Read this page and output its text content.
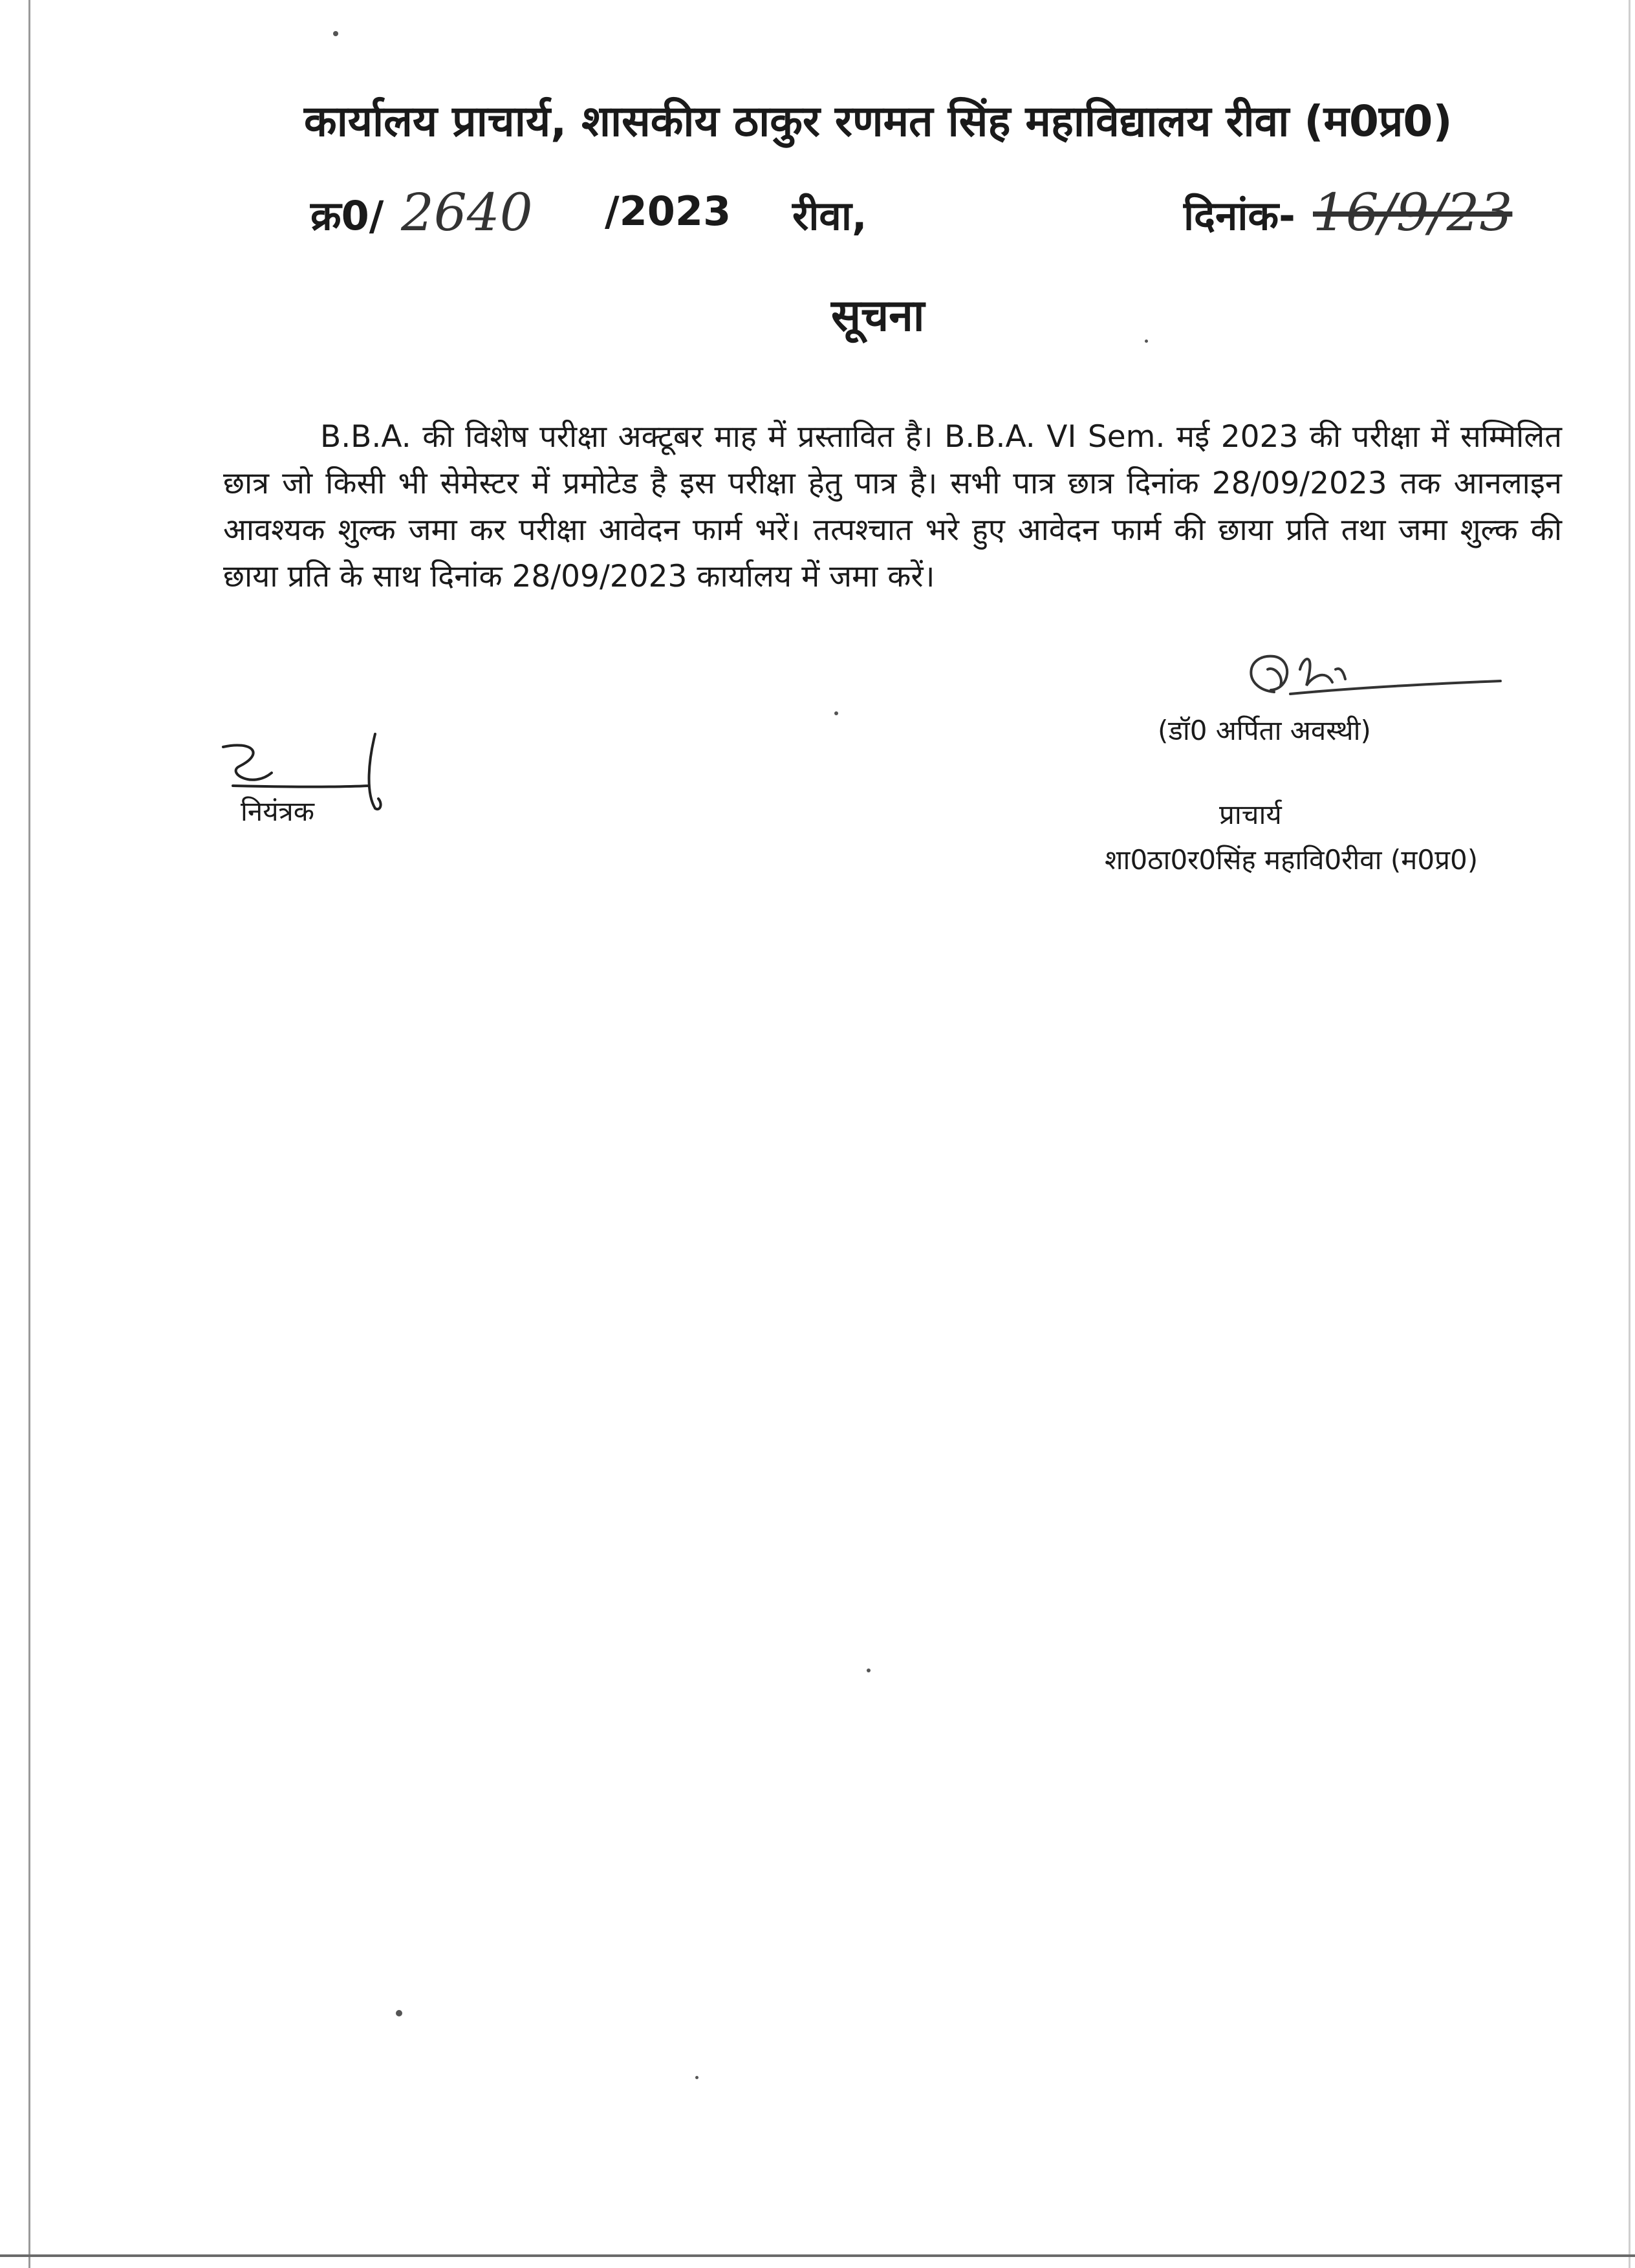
कार्यालय प्राचार्य, शासकीय ठाकुर रणमत सिंह महाविद्यालय रीवा (म0प्र0)
क्र0/ 2640 /2023 रीवा,	दिनांक- 16/9/23
सूचना
B.B.A. की विशेष परीक्षा अक्टूबर माह में प्रस्तावित है। B.B.A. VI Sem. मई 2023 की परीक्षा में सम्मिलित छात्र जो किसी भी सेमेस्टर में प्रमोटेड है इस परीक्षा हेतु पात्र है। सभी पात्र छात्र दिनांक 28/09/2023 तक आनलाइन आवश्यक शुल्क जमा कर परीक्षा आवेदन फार्म भरें। तत्पश्चात भरे हुए आवेदन फार्म की छाया प्रति तथा जमा शुल्क की छाया प्रति के साथ दिनांक 28/09/2023 कार्यालय में जमा करें।
(डॉ0 अर्पिता अवस्थी)
प्राचार्य
शा0ठा0र0सिंह महावि0रीवा (म0प्र0)
नियंत्रक
